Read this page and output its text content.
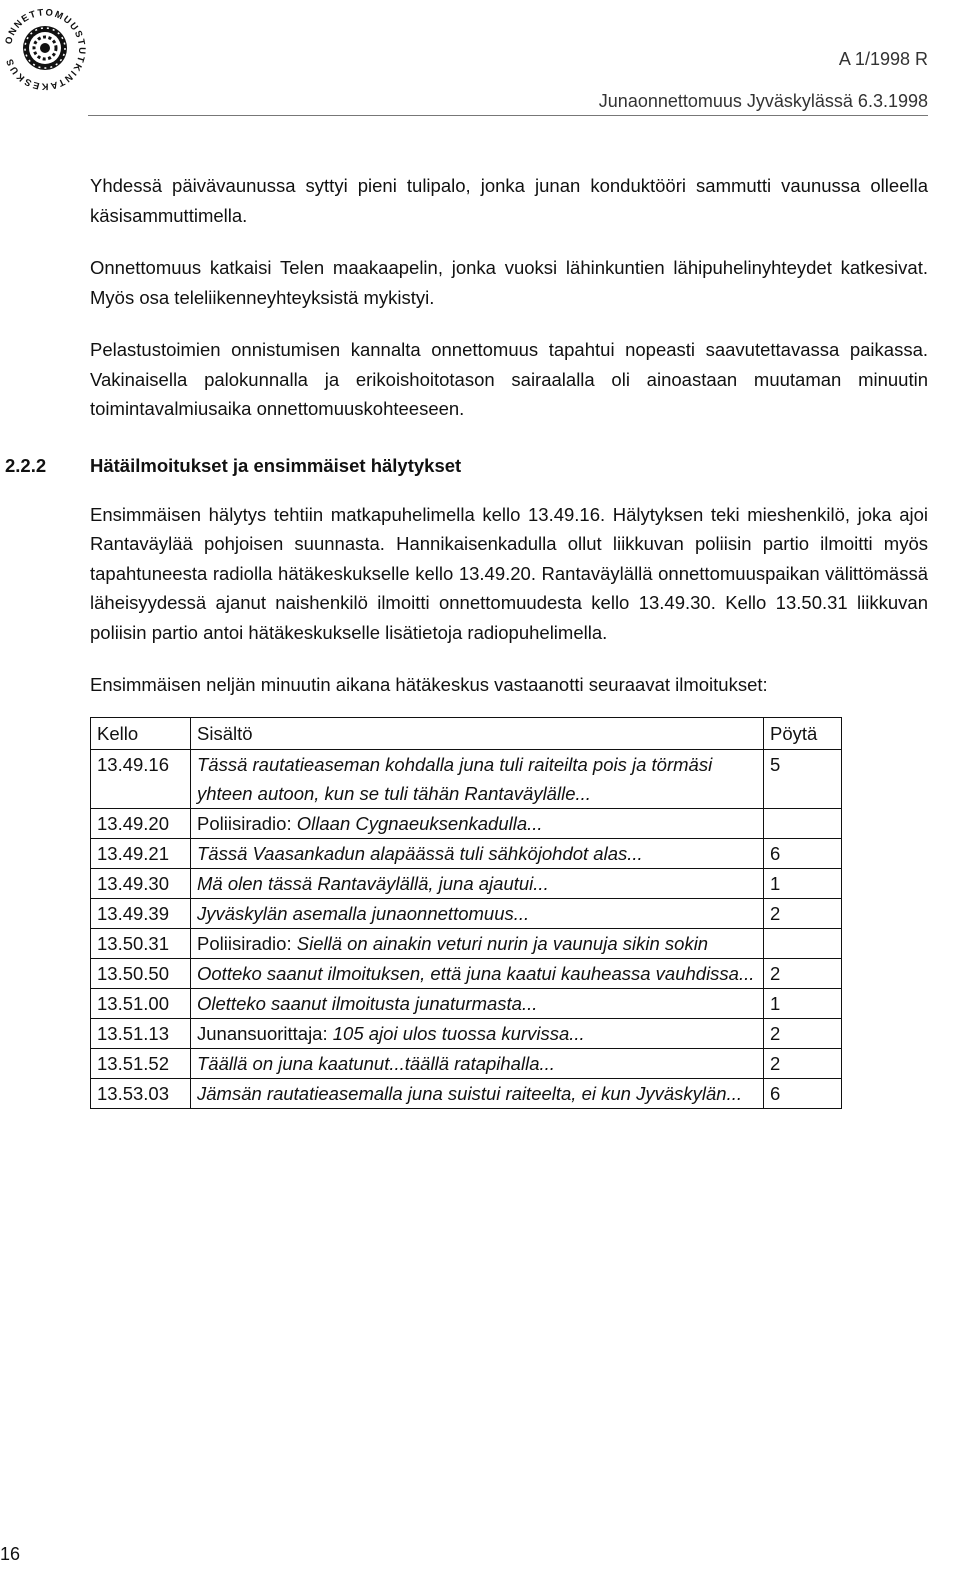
ONNETTOMUUSTUTKINTAKESKUS	A 1/1998 R
Junaonnettomuus Jyväskylässä 6.3.1998

Yhdessä päivävaunussa syttyi pieni tulipalo, jonka junan konduktööri sammutti vaunussa olleella käsisammuttimella.

Onnettomuus katkaisi Telen maakaapelin, jonka vuoksi lähinkuntien lähipuhelinyhteydet katkesivat. Myös osa teleliikenneyhteyksistä mykistyi.

Pelastustoimien onnistumisen kannalta onnettomuus tapahtui nopeasti saavutettavassa paikassa. Vakinaisella palokunnalla ja erikoishoitotason sairaalalla oli ainoastaan muutaman minuutin toimintavalmiusaika onnettomuuskohteeseen.

2.2.2 Hätäilmoitukset ja ensimmäiset hälytykset

Ensimmäisen hälytys tehtiin matkapuhelimella kello 13.49.16. Hälytyksen teki mieshenkilö, joka ajoi Rantaväylää pohjoisen suunnasta. Hannikaisenkadulla ollut liikkuvan poliisin partio ilmoitti myös tapahtuneesta radiolla hätäkeskukselle kello 13.49.20. Rantaväylällä onnettomuuspaikan välittömässä läheisyydessä ajanut naishenkilö ilmoitti onnettomuudesta kello 13.49.30. Kello 13.50.31 liikkuvan poliisin partio antoi hätäkeskukselle lisätietoja radiopuhelimella.

Ensimmäisen neljän minuutin aikana hätäkeskus vastaanotti seuraavat ilmoitukset:

Kello	Sisältö	Pöytä
13.49.16	Tässä rautatieaseman kohdalla juna tuli raiteilta pois ja törmäsi yhteen autoon, kun se tuli tähän Rantaväylälle...	5
13.49.20	Poliisiradio: Ollaan Cygnaeuksenkadulla...	
13.49.21	Tässä Vaasankadun alapäässä tuli sähköjohdot alas...	6
13.49.30	Mä olen tässä Rantaväylällä, juna ajautui...	1
13.49.39	Jyväskylän asemalla junaonnettomuus...	2
13.50.31	Poliisiradio: Siellä on ainakin veturi nurin ja vaunuja sikin sokin	
13.50.50	Ootteko saanut ilmoituksen, että juna kaatui kauheassa vauhdissa...	2
13.51.00	Oletteko saanut ilmoitusta junaturmasta...	1
13.51.13	Junansuorittaja: 105 ajoi ulos tuossa kurvissa...	2
13.51.52	Täällä on juna kaatunut...täällä ratapihalla...	2
13.53.03	Jämsän rautatieasemalla juna suistui raiteelta, ei kun Jyväskylän...	6
16
